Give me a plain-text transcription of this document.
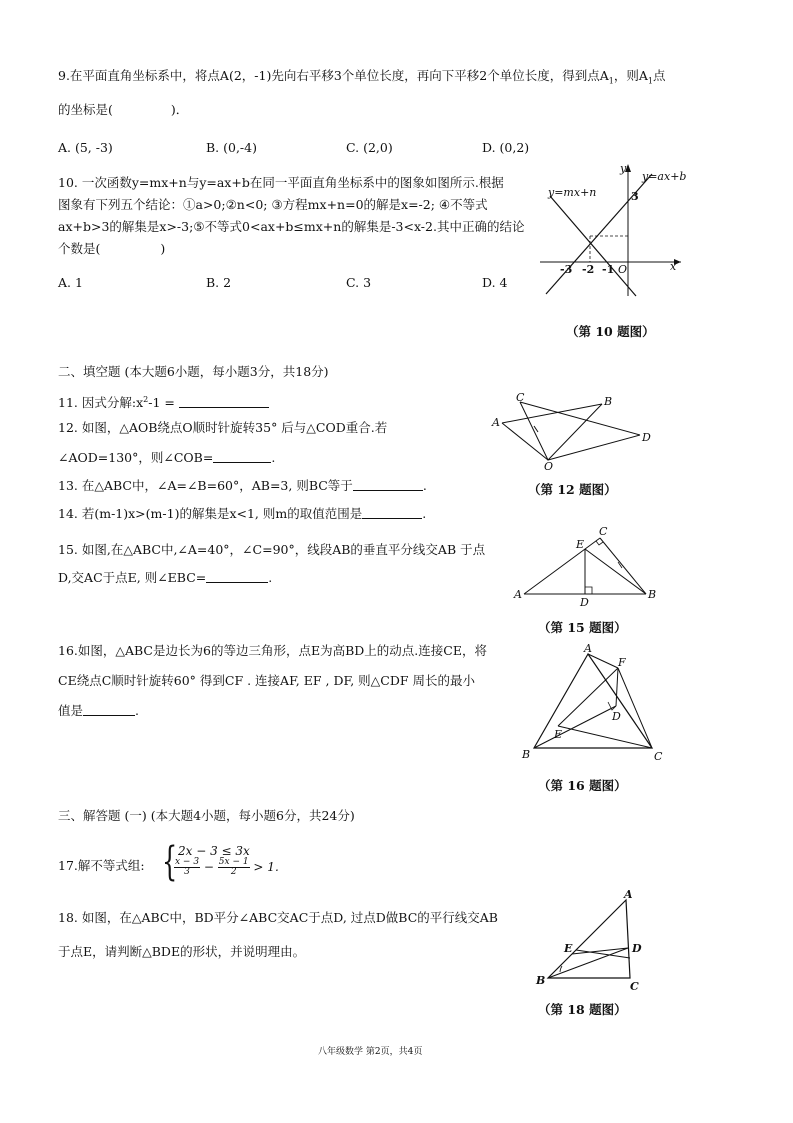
9.在平面直角坐标系中，将点A(2，-1)先向右平移3个单位长度，再向下平移2个单位长度，得到点$A_1$，则$A_1$点
的坐标是(	)．
A. (5, -3)	B. (0,-4)	C. (2,0)	D. (0,2)
10. 一次函数y=mx+n与y=ax+b在同一平面直角坐标系中的图象如图所示.根据
图象有下列五个结论：①a>0;②n<0; ③方程mx+n=0的解是x=-2; ④不等式
ax+b>3的解集是x>-3;⑤不等式0<ax+b≤mx+n的解集是-3<x-2.其中正确的结论
个数是(	)
A. 1	B. 2	C. 3	D. 4
y=mx+n
y=ax+b
x
y
3
-3 -2 -1 O
（第 10 题图）
二、填空题 (本大题6小题，每小题3分，共18分)
11. 因式分解$:x^2-1$ =
12. 如图，△AOB绕点O顺时针旋转35° 后与△COD重合.若
∠AOD=130°，则∠COB=	.
A
B
C
D
O
（第 12 题图）
13. 在△ABC中，∠A=∠B=60°，AB=3, 则BC等于	.
14. 若(m-1)x>(m-1)的解集是x<1, 则m的取值范围是	.
15. 如图,在△ABC中,∠A=40°，∠C=90°，线段AB的垂直平分线交AB 于点
D,交AC于点E, 则∠EBC=	.
A	B
C
D
E
（第 15 题图）
16.如图，△ABC是边长为6的等边三角形，点E为高BD上的动点.连接CE，将
CE绕点C顺时针旋转60° 得到CF . 连接AF, EF , DF, 则△CDF 周长的最小
值是	.
A
B	C
D
E
F
（第 16 题图）
三、解答题 (一) (本大题4小题，每小题6分，共24分)
17.解不等式组: { 2x − 3 ≤ 3x
$\frac{x - 3}{3} - \frac{5x - 1}{2} > 1$.
18. 如图，在△ABC中，BD平分∠ABC交AC于点D, 过点D做BC的平行线交AB
于点E，请判断△BDE的形状，并说明理由。
A
B	C
D
E
（第 18 题图）
八年级数学 第2页，共4页
